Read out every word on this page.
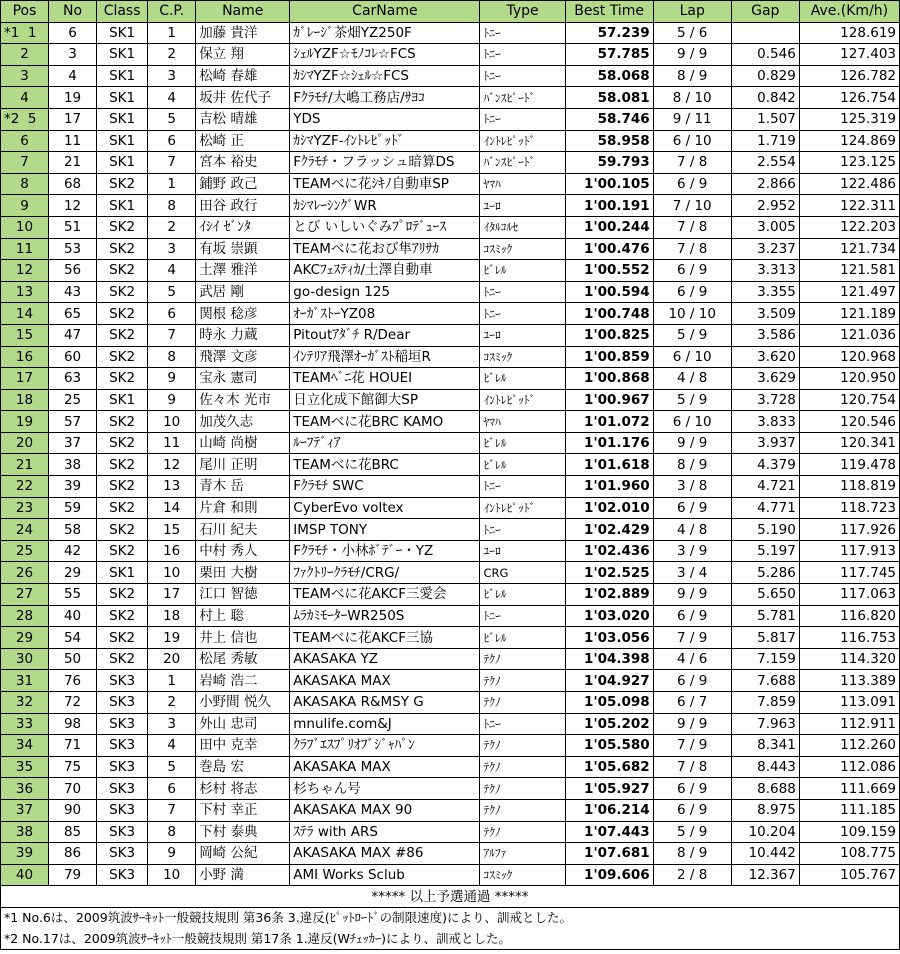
Pos	No	Class	C.P.	Name	CarName	Type	Best Time	Lap	Gap	Ave.(Km/h)

*1 1	6	SK1	1	加藤 貴洋	ｶﾞﾚｰｼﾞ茶畑YZ250F	ﾄﾆｰ	57.239	5 / 6		128.619
2	3	SK1	2	保立 翔	ｼｪﾙYZF☆ﾓﾉｺﾚ☆FCS	ﾄﾆｰ	57.785	9 / 9	0.546	127.403
3	4	SK1	3	松崎 春雄	ｶｼﾏYZF☆ｼｪﾙ☆FCS	ﾄﾆｰ	58.068	8 / 9	0.829	126.782
4	19	SK1	4	坂井 佐代子	Fｸﾗﾓﾁ/大嶋工務店/ｻﾖｺ	ﾊﾞﾝｽﾋﾟｰﾄﾞ	58.081	8 / 10	0.842	126.754

*2 5	17	SK1	5	吉松 晴雄	YDS	ﾄﾆｰ	58.746	9 / 11	1.507	125.319
6	11	SK1	6	松崎 正	ｶｼﾏYZF-ｲﾝﾄﾚﾋﾟｯﾄﾞ	ｲﾝﾄﾚﾋﾟｯﾄﾞ	58.958	6 / 10	1.719	124.869
7	21	SK1	7	宮本 裕史	Fｸﾗﾓﾁ・フラッシュ暗算DS	ﾊﾞﾝｽﾋﾟｰﾄﾞ	59.793	7 / 8	2.554	123.125
8	68	SK2	1	鋪野 政己	TEAMべに花ｼｷﾉ自動車SP	ﾔﾏﾊ	1'00.105	6 / 9	2.866	122.486
9	12	SK1	8	田谷 政行	ｶｼﾏﾚｰｼﾝｸﾞWR	ﾕｰﾛ	1'00.191	7 / 10	2.952	122.311
10	51	SK2	2	ｲｼｲ ｾﾞﾝﾀ	とび いしいぐみﾌﾟﾛﾃﾞｭｰｽ	ｲﾀﾙｺﾙｾ	1'00.244	7 / 8	3.005	122.203
11	53	SK2	3	有坂 崇顕	TEAMべに花おび隼ｱﾘｻｶ	ｺｽﾐｯｸ	1'00.476	7 / 8	3.237	121.734
12	56	SK2	4	土澤 雅洋	AKCﾌｪｽﾃｨｶ/土澤自動車	ﾋﾞﾚﾙ	1'00.552	6 / 9	3.313	121.581
13	43	SK2	5	武居 剛	go-design 125	ﾄﾆｰ	1'00.594	6 / 9	3.355	121.497
14	65	SK2	6	関根 稔彦	ｵｰｶﾞｽﾄｰYZ08	ﾄﾆｰ	1'00.748	10 / 10	3.509	121.189
15	47	SK2	7	時永 力蔵	Pitoutｱﾀﾞﾁ R/Dear	ﾕｰﾛ	1'00.825	5 / 9	3.586	121.036
16	60	SK2	8	飛澤 文彦	ｲﾝﾃﾘｱ飛澤ｵｰｶﾞｽﾄ稲垣R	ｺｽﾐｯｸ	1'00.859	6 / 10	3.620	120.968
17	63	SK2	9	宝永 憲司	TEAMﾍﾞﾆ花 HOUEI	ﾋﾞﾚﾙ	1'00.868	4 / 8	3.629	120.950
18	25	SK1	9	佐々木 光市	日立化成下館御大SP	ｲﾝﾄﾚﾋﾟｯﾄﾞ	1'00.967	5 / 9	3.728	120.754
19	57	SK2	10	加茂久志	TEAMべに花BRC KAMO	ﾔﾏﾊ	1'01.072	6 / 10	3.833	120.546
20	37	SK2	11	山崎 尚樹	ﾙｰﾌﾃﾞｨｱ	ﾋﾞﾚﾙ	1'01.176	9 / 9	3.937	120.341
21	38	SK2	12	尾川 正明	TEAMべに花BRC	ﾋﾞﾚﾙ	1'01.618	8 / 9	4.379	119.478
22	39	SK2	13	青木 岳	Fｸﾗﾓﾁ SWC	ﾄﾆｰ	1'01.960	3 / 8	4.721	118.819
23	59	SK2	14	片倉 和則	CyberEvo voltex	ｲﾝﾄﾚﾋﾟｯﾄﾞ	1'02.010	6 / 9	4.771	118.723
24	58	SK2	15	石川 紀夫	IMSP TONY	ﾄﾆｰ	1'02.429	4 / 8	5.190	117.926
25	42	SK2	16	中村 秀人	Fｸﾗﾓﾁ・小林ﾎﾞﾃﾞｰ・YZ	ﾕｰﾛ	1'02.436	3 / 9	5.197	117.913
26	29	SK1	10	栗田 大樹	ﾌｧｸﾄﾘｰｸﾗﾓﾁ/CRG/	CRG	1'02.525	3 / 4	5.286	117.745
27	55	SK2	17	江口 智徳	TEAMべに花AKCF三愛会	ﾋﾞﾚﾙ	1'02.889	9 / 9	5.650	117.063
28	40	SK2	18	村上 聡	ﾑﾗｶﾐﾓｰﾀｰWR250S	ﾄﾆｰ	1'03.020	6 / 9	5.781	116.820
29	54	SK2	19	井上 信也	TEAMべに花AKCF三協	ﾋﾞﾚﾙ	1'03.056	7 / 9	5.817	116.753
30	50	SK2	20	松尾 秀敏	AKASAKA YZ	ﾃｸﾉ	1'04.398	4 / 6	7.159	114.320
31	76	SK3	1	岩崎 浩二	AKASAKA MAX	ﾃｸﾉ	1'04.927	6 / 9	7.688	113.389
32	72	SK3	2	小野間 悦久	AKASAKA R&MSY G	ﾃｸﾉ	1'05.098	6 / 7	7.859	113.091
33	98	SK3	3	外山 忠司	mnulife.com&J	ﾄﾆｰ	1'05.202	9 / 9	7.963	112.911
34	71	SK3	4	田中 克幸	ｸﾗﾌﾞｴｽﾌﾟﾘｵﾌﾞｼﾞｬﾊﾟﾝ	ﾃｸﾉ	1'05.580	7 / 9	8.341	112.260
35	75	SK3	5	巻島 宏	AKASAKA MAX	ﾃｸﾉ	1'05.682	7 / 8	8.443	112.086
36	70	SK3	6	杉村 将志	杉ちゃん号	ﾃｸﾉ	1'05.927	6 / 9	8.688	111.669
37	90	SK3	7	下村 幸正	AKASAKA MAX 90	ﾃｸﾉ	1'06.214	6 / 9	8.975	111.185
38	85	SK3	8	下村 泰典	ｽﾃﾗ with ARS	ﾃｸﾉ	1'07.443	5 / 9	10.204	109.159
39	86	SK3	9	岡崎 公紀	AKASAKA MAX #86	ｱﾙﾌｧ	1'07.681	8 / 9	10.442	108.775
40	79	SK3	10	小野 満	AMI Works Sclub	ｺｽﾐｯｸ	1'09.606	2 / 8	12.367	105.767
***** 以上予選通過 *****										
*1 No.6は、2009筑波ｻｰｷｯﾄ一般競技規則 第36条 3.違反(ﾋﾟｯﾄﾛｰﾄﾞの制限速度)により、訓戒とした。										
*2 No.17は、2009筑波ｻｰｷｯﾄ一般競技規則 第17条 1.違反(Wﾁｪｯｶｰ)により、訓戒とした。										
